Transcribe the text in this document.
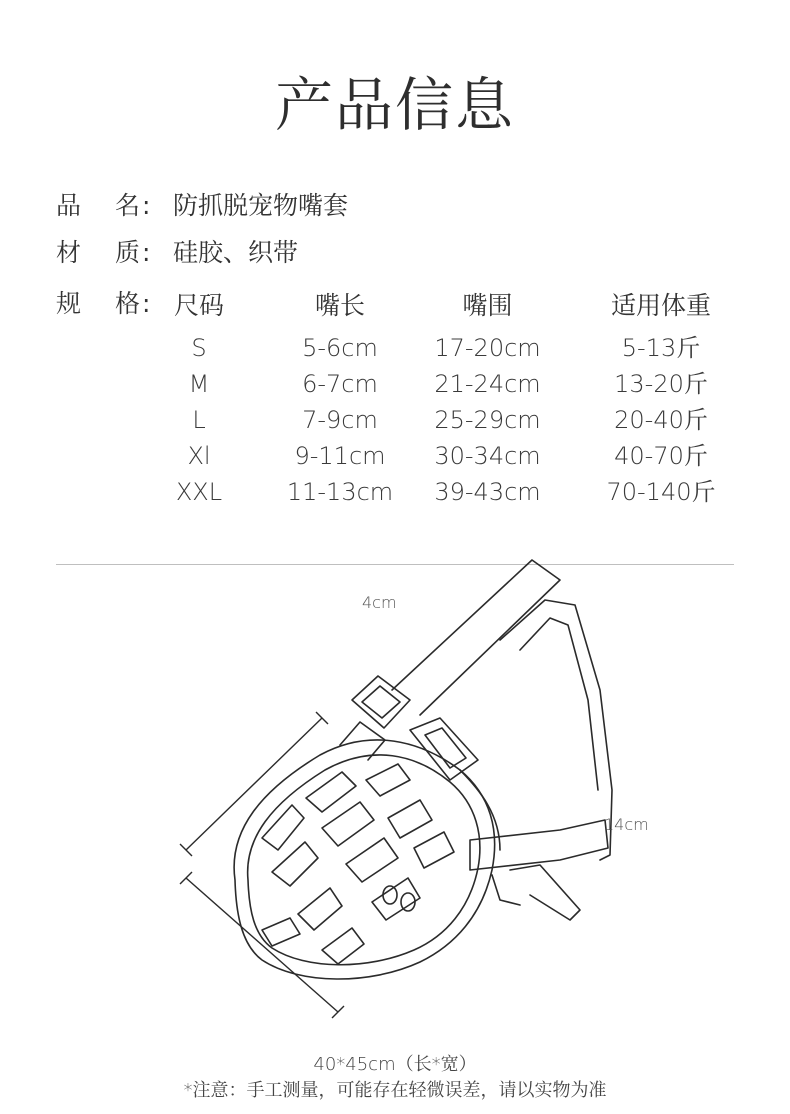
产品信息
品 名 : 防抓脱宠物嘴套
材 质 : 硅胶、织带
规 格 : 尺码	嘴长	嘴围	适用体重
S	5-6cm	17-20cm	5-13斤
M	6-7cm	21-24cm	13-20斤
L	7-9cm	25-29cm	20-40斤
Xl	9-11cm	30-34cm	40-70斤
XXL	11-13cm	39-43cm	70-140斤
4cm
14cm
40*45cm（长*宽）
*注意：手工测量，可能存在轻微误差，请以实物为准
